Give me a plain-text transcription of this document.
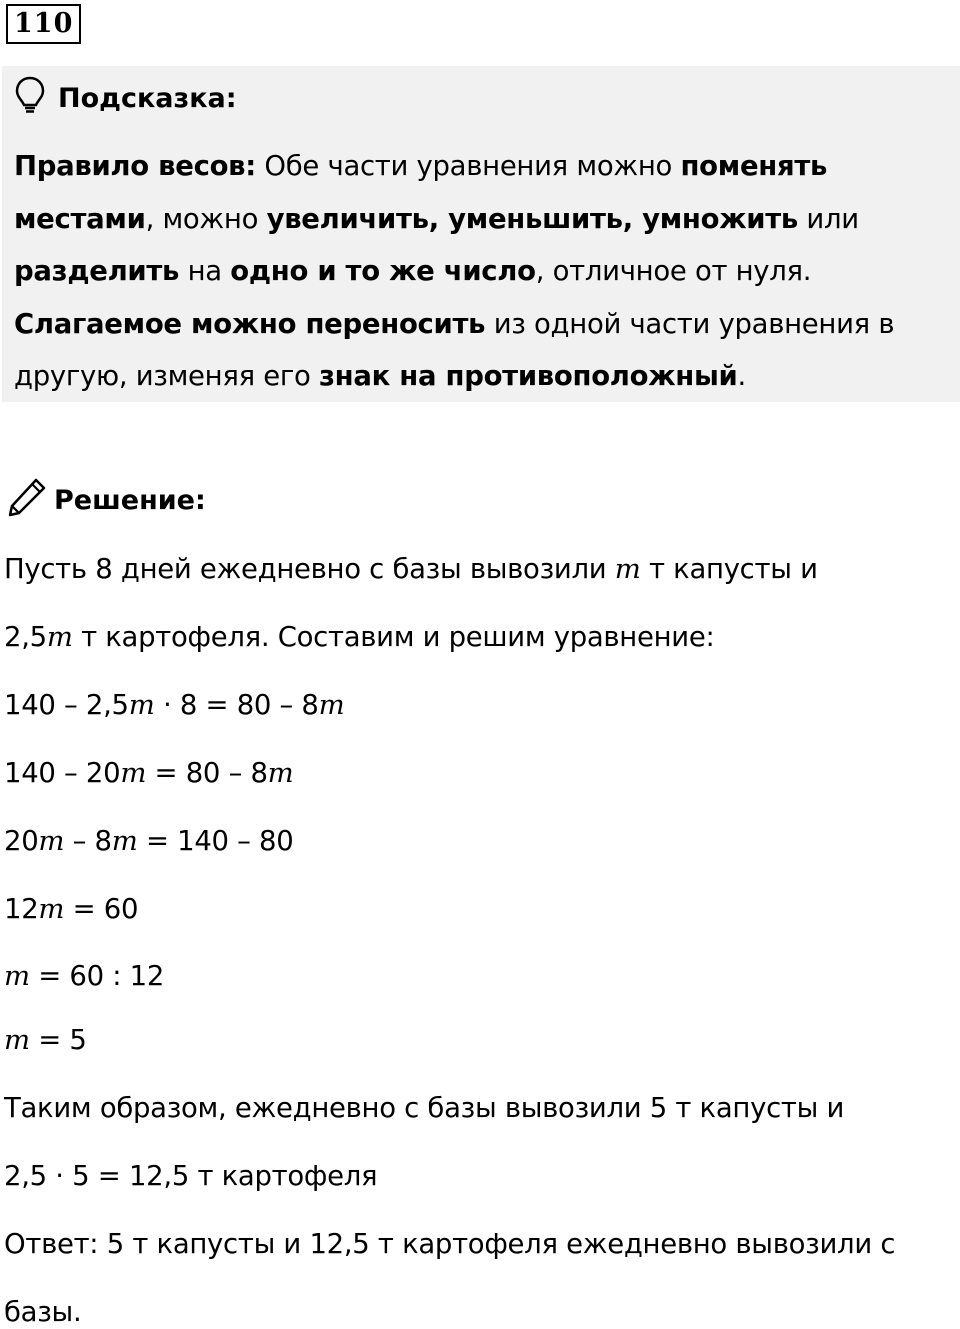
110
Подсказка:

Правило весов: Обе части уравнения можно поменять местами, можно увеличить, уменьшить, умножить или разделить на одно и то же число, отличное от нуля.

Слагаемое можно переносить из одной части уравнения в другую, изменяя его знак на противоположный.

Решение:
Пусть 8 дней ежедневно с базы вывозили m т капусты и
2,5m т картофеля. Составим и решим уравнение:
140 – 2,5m · 8 = 80 – 8m
140 – 20m = 80 – 8m
20m – 8m = 140 – 80
12m = 60
m = 60 : 12
m = 5
Таким образом, ежедневно с базы вывозили 5 т капусты и
2,5 · 5 = 12,5 т картофеля
Ответ: 5 т капусты и 12,5 т картофеля ежедневно вывозили с
базы.
